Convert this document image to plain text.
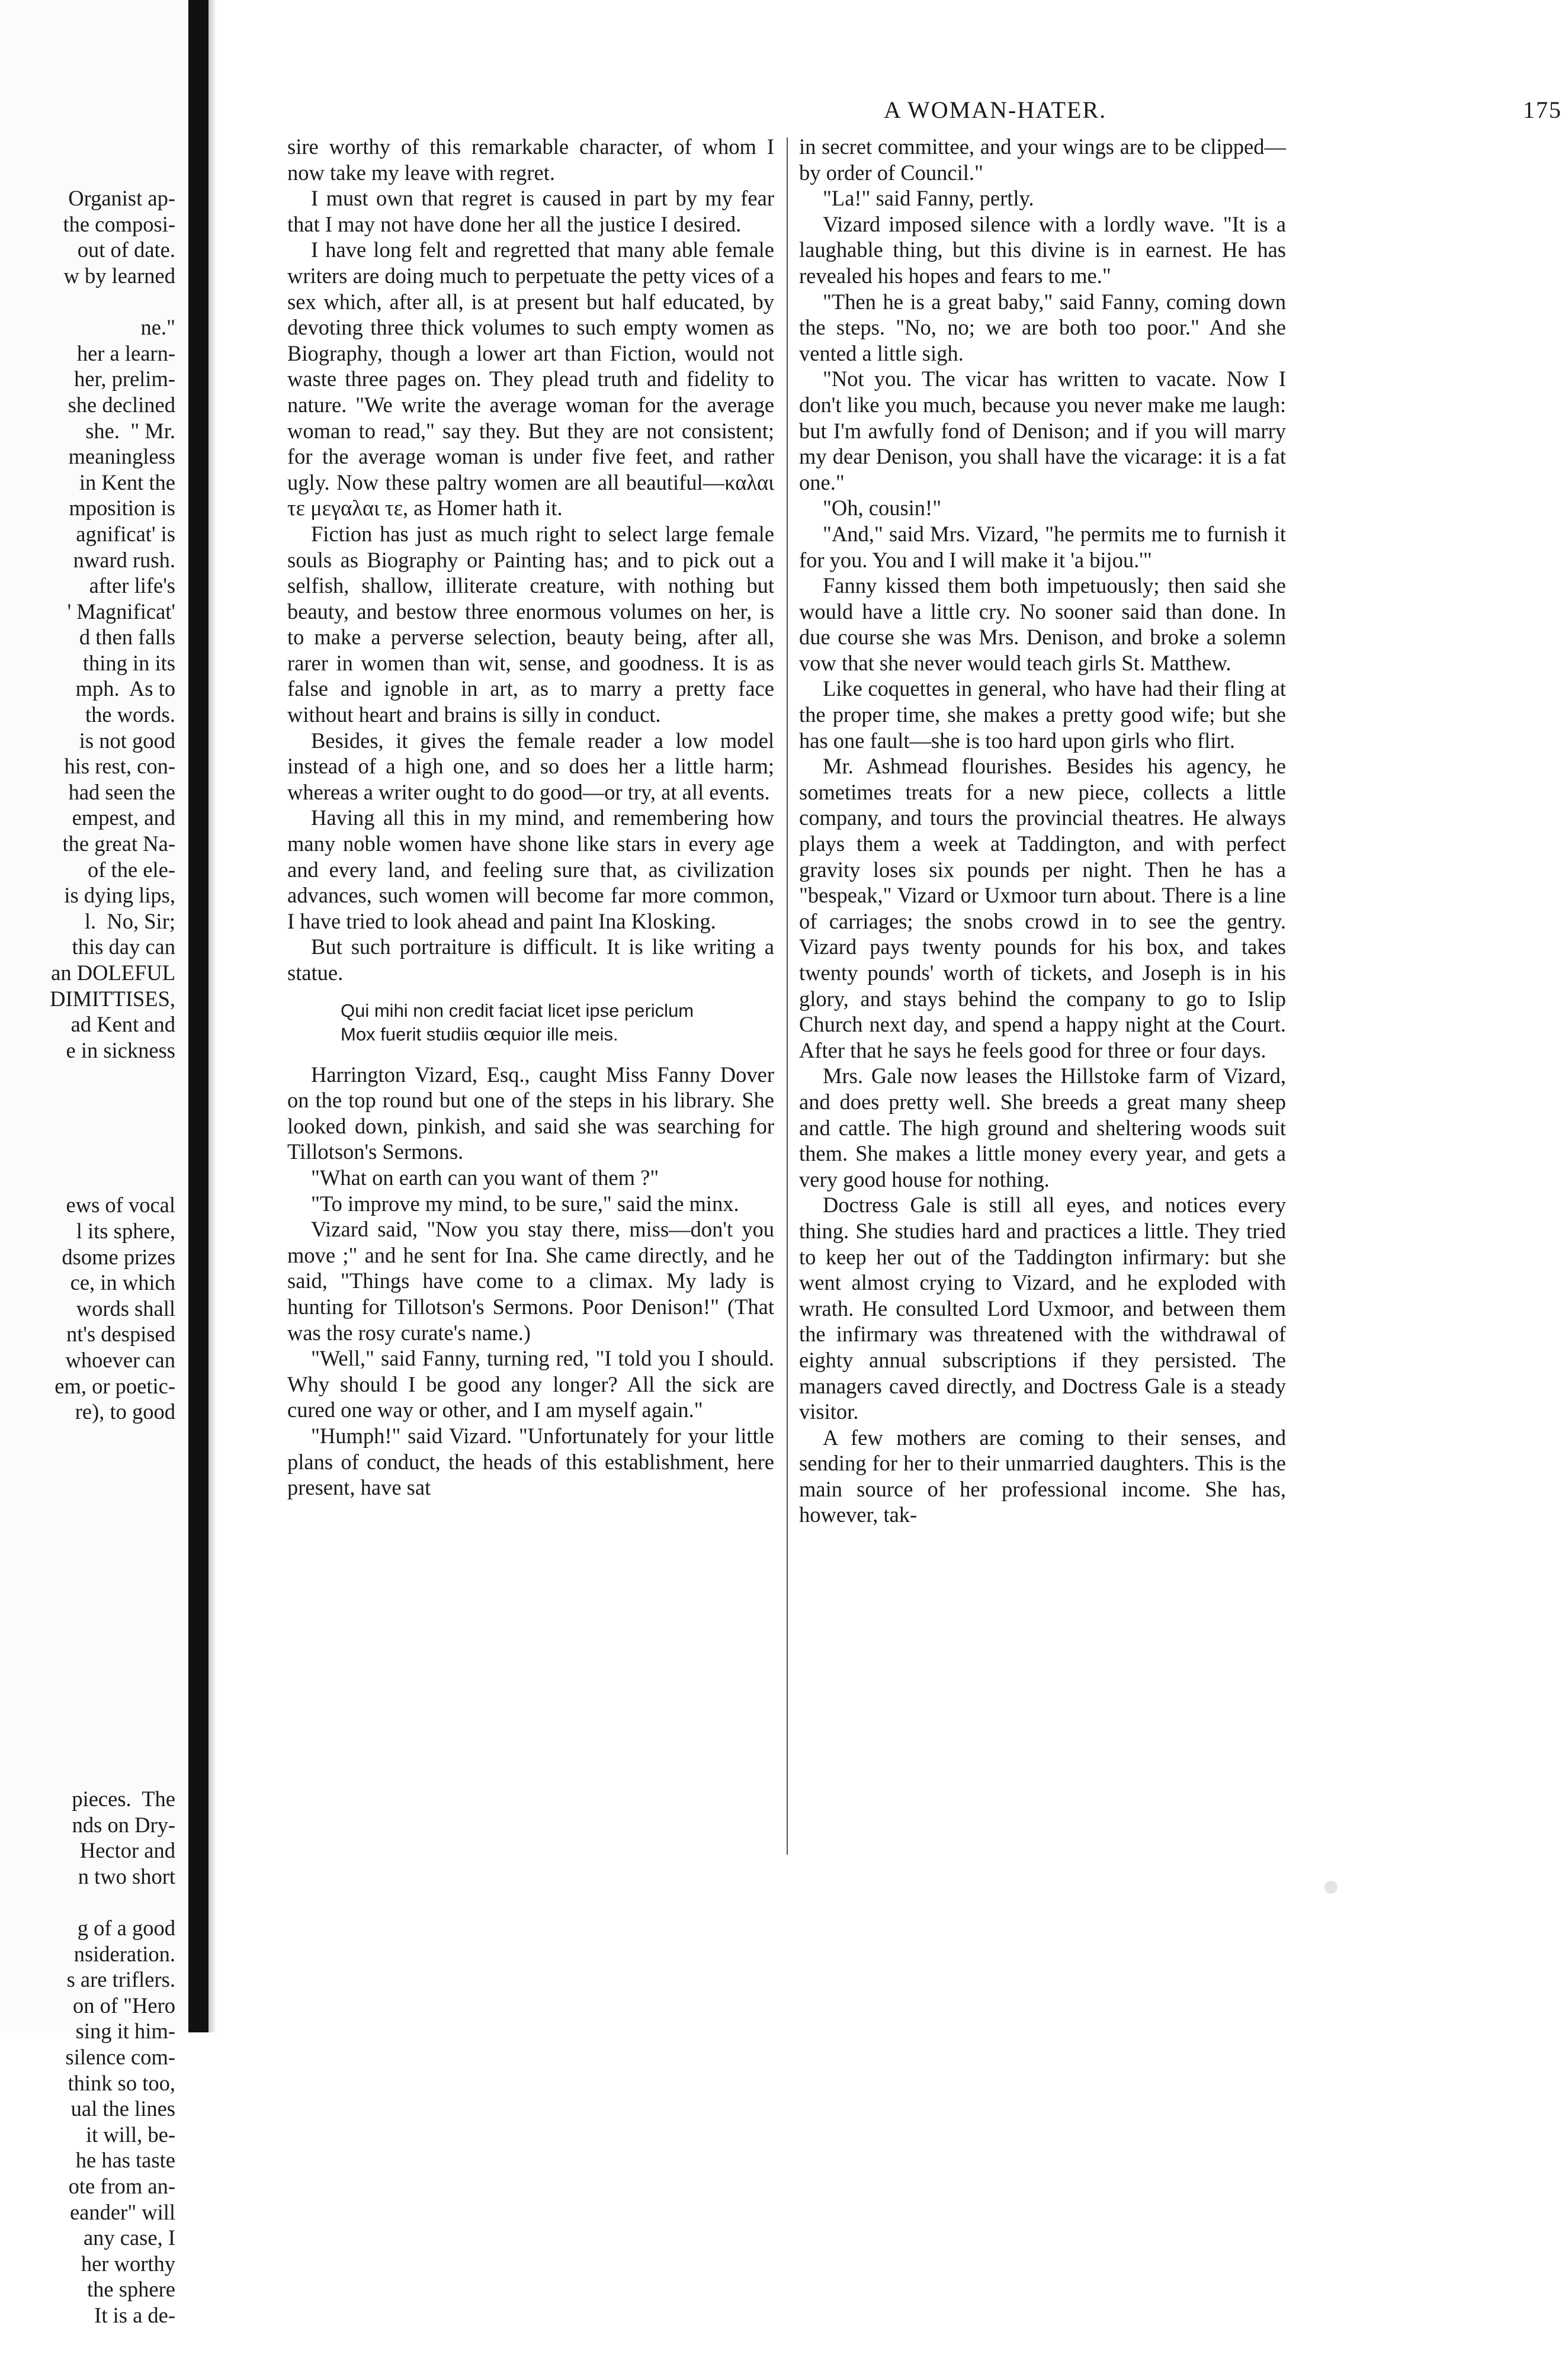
Organist ap-
the composi-
out of date.
w by learned
ne."
her a learn-
her, prelim-
she declined
she.  " Mr.
meaningless
in Kent the
mposition is
agnificat' is
nward rush.
after life's
' Magnificat'
d then falls
thing in its
mph.  As to
the words.
is not good
his rest, con-
had seen the
empest, and
the great Na-
of the ele-
is dying lips,
l.  No, Sir;
this day can
an DOLEFUL
DIMITTISES,
ad Kent and
e in sickness

ews of vocal
l its sphere,
dsome prizes
ce, in which
words shall
nt's despised
whoever can
em, or poetic-
re), to good

pieces.  The
nds on Dry-
Hector and
n two short
g of a good
nsideration.
s are triflers.
on of "Hero
sing it him-
silence com-
think so too,
ual the lines
it will, be-
he has taste
ote from an-
eander" will
any case, I
her worthy
the sphere
It is a de-

A WOMAN-HATER.	175

sire worthy of this remarkable character, of whom I now take my leave with regret.

I must own that regret is caused in part by my fear that I may not have done her all the justice I desired.

I have long felt and regretted that many able female writers are doing much to perpetuate the petty vices of a sex which, after all, is at present but half educated, by devoting three thick volumes to such empty women as Biography, though a lower art than Fiction, would not waste three pages on. They plead truth and fidelity to nature. "We write the average woman for the average woman to read," say they. But they are not consistent; for the average woman is under five feet, and rather ugly. Now these paltry women are all beautiful—καλαι τε μεγαλαι τε, as Homer hath it.

Fiction has just as much right to select large female souls as Biography or Painting has; and to pick out a selfish, shallow, illiterate creature, with nothing but beauty, and bestow three enormous volumes on her, is to make a perverse selection, beauty being, after all, rarer in women than wit, sense, and goodness. It is as false and ignoble in art, as to marry a pretty face without heart and brains is silly in conduct.

Besides, it gives the female reader a low model instead of a high one, and so does her a little harm; whereas a writer ought to do good—or try, at all events.

Having all this in my mind, and remembering how many noble women have shone like stars in every age and every land, and feeling sure that, as civilization advances, such women will become far more common, I have tried to look ahead and paint Ina Klosking.

But such portraiture is difficult. It is like writing a statue.

Qui mihi non credit faciat licet ipse periclum
Mox fuerit studiis œquior ille meis.

Harrington Vizard, Esq., caught Miss Fanny Dover on the top round but one of the steps in his library. She looked down, pinkish, and said she was searching for Tillotson's Sermons.

"What on earth can you want of them ?"

"To improve my mind, to be sure," said the minx.

Vizard said, "Now you stay there, miss—don't you move ;" and he sent for Ina. She came directly, and he said, "Things have come to a climax. My lady is hunting for Tillotson's Sermons. Poor Denison!" (That was the rosy curate's name.)

"Well," said Fanny, turning red, "I told you I should. Why should I be good any longer? All the sick are cured one way or other, and I am myself again."

"Humph!" said Vizard. "Unfortunately for your little plans of conduct, the heads of this establishment, here present, have sat

in secret committee, and your wings are to be clipped—by order of Council."

"La!" said Fanny, pertly.

Vizard imposed silence with a lordly wave. "It is a laughable thing, but this divine is in earnest. He has revealed his hopes and fears to me."

"Then he is a great baby," said Fanny, coming down the steps. "No, no; we are both too poor." And she vented a little sigh.

"Not you. The vicar has written to vacate. Now I don't like you much, because you never make me laugh: but I'm awfully fond of Denison; and if you will marry my dear Denison, you shall have the vicarage: it is a fat one."

"Oh, cousin!"

"And," said Mrs. Vizard, "he permits me to furnish it for you. You and I will make it 'a bijou.'"

Fanny kissed them both impetuously; then said she would have a little cry. No sooner said than done. In due course she was Mrs. Denison, and broke a solemn vow that she never would teach girls St. Matthew.

Like coquettes in general, who have had their fling at the proper time, she makes a pretty good wife; but she has one fault—she is too hard upon girls who flirt.

Mr. Ashmead flourishes. Besides his agency, he sometimes treats for a new piece, collects a little company, and tours the provincial theatres. He always plays them a week at Taddington, and with perfect gravity loses six pounds per night. Then he has a "bespeak," Vizard or Uxmoor turn about. There is a line of carriages; the snobs crowd in to see the gentry. Vizard pays twenty pounds for his box, and takes twenty pounds' worth of tickets, and Joseph is in his glory, and stays behind the company to go to Islip Church next day, and spend a happy night at the Court. After that he says he feels good for three or four days.

Mrs. Gale now leases the Hillstoke farm of Vizard, and does pretty well. She breeds a great many sheep and cattle. The high ground and sheltering woods suit them. She makes a little money every year, and gets a very good house for nothing.

Doctress Gale is still all eyes, and notices every thing. She studies hard and practices a little. They tried to keep her out of the Taddington infirmary: but she went almost crying to Vizard, and he exploded with wrath. He consulted Lord Uxmoor, and between them the infirmary was threatened with the withdrawal of eighty annual subscriptions if they persisted. The managers caved directly, and Doctress Gale is a steady visitor.

A few mothers are coming to their senses, and sending for her to their unmarried daughters. This is the main source of her professional income. She has, however, tak-
